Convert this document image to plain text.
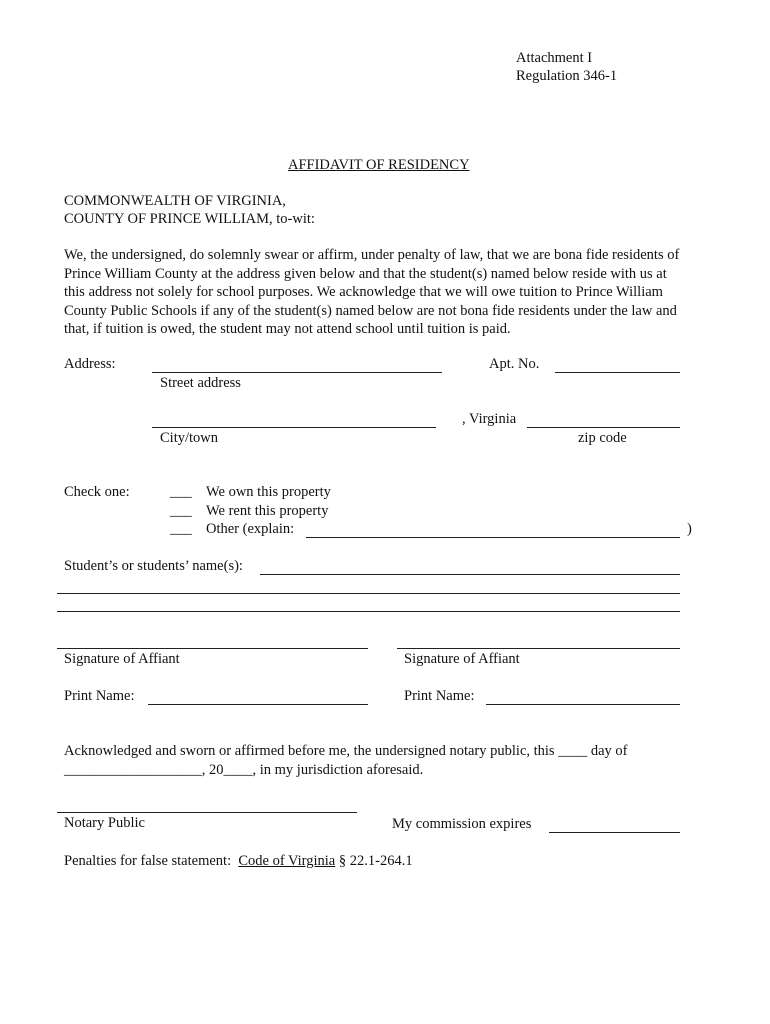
Attachment I
Regulation 346-1
AFFIDAVIT OF RESIDENCY
COMMONWEALTH OF VIRGINIA,
COUNTY OF PRINCE WILLIAM, to-wit:
We, the undersigned, do solemnly swear or affirm, under penalty of law, that we are bona fide residents of Prince William County at the address given below and that the student(s) named below reside with us at this address not solely for school purposes. We acknowledge that we will owe tuition to Prince William County Public Schools if any of the student(s) named below are not bona fide residents under the law and that, if tuition is owed, the student may not attend school until tuition is paid.
Address:	Apt. No.
Street address
, Virginia
City/town	zip code
Check one:	___ We own this property
___ We rent this property
___ Other (explain:	)
Student’s or students’ name(s):
Signature of Affiant	Signature of Affiant
Print Name:	Print Name:
Acknowledged and sworn or affirmed before me, the undersigned notary public, this ____ day of
___________________, 20____, in my jurisdiction aforesaid.
Notary Public	My commission expires
Penalties for false statement: Code of Virginia § 22.1-264.1
